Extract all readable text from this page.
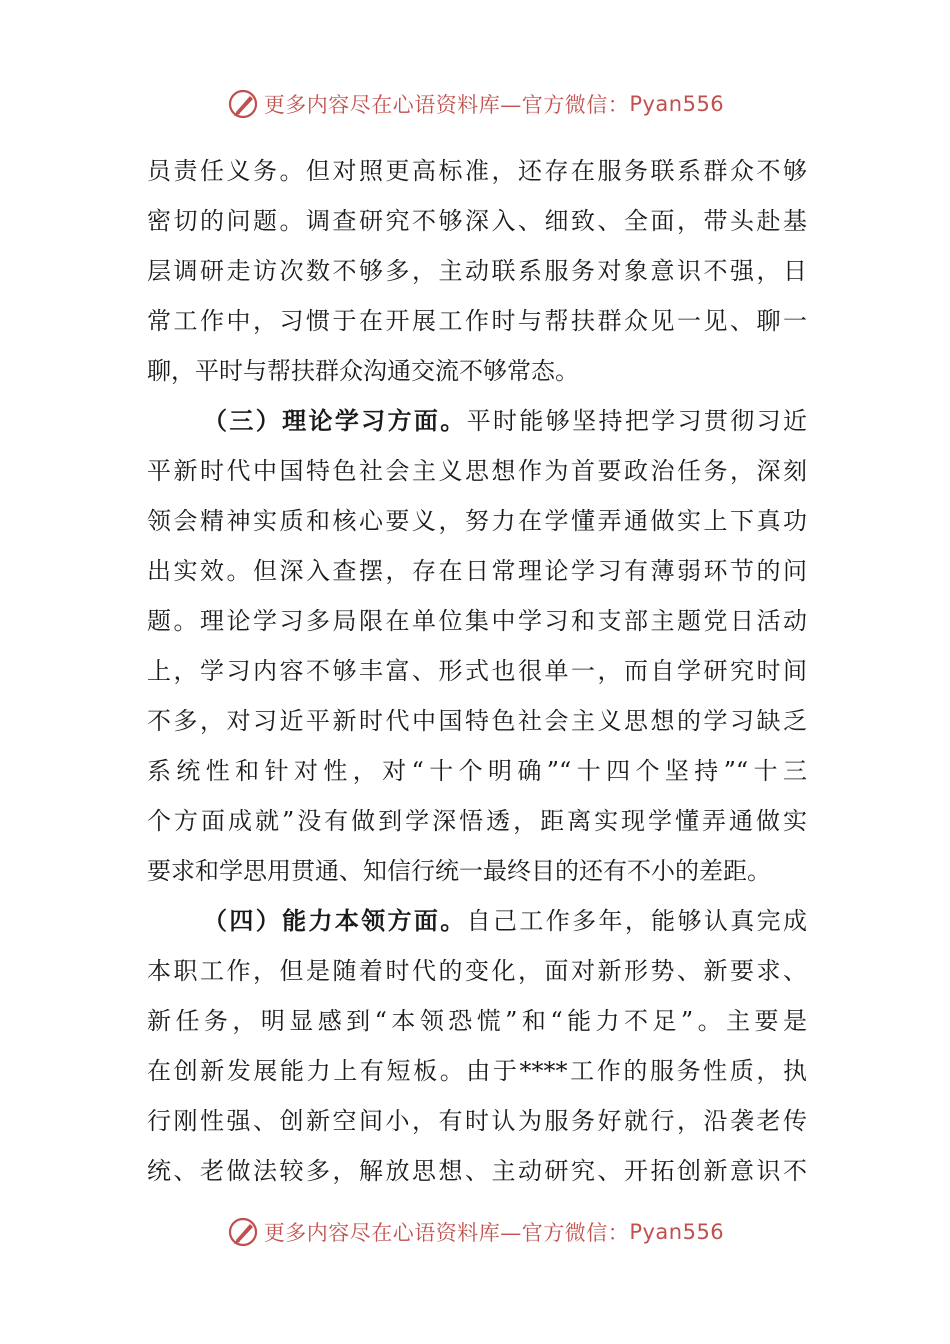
更多内容尽在心语资料库—官方微信： Pyan556
员责任义务。但对照更高标准，还存在服务联系群众不够
密切的问题。调查研究不够深入、细致、全面，带头赴基
层调研走访次数不够多，主动联系服务对象意识不强，日
常工作中，习惯于在开展工作时与帮扶群众见一见、聊一
聊，平时与帮扶群众沟通交流不够常态。
（三）理论学习方面。平时能够坚持把学习贯彻习近
平新时代中国特色社会主义思想作为首要政治任务，深刻
领会精神实质和核心要义，努力在学懂弄通做实上下真功
出实效。但深入查摆，存在日常理论学习有薄弱环节的问
题。理论学习多局限在单位集中学习和支部主题党日活动
上，学习内容不够丰富、形式也很单一，而自学研究时间
不多，对习近平新时代中国特色社会主义思想的学习缺乏
系统性和针对性，对“十个明确”“十四个坚持”“十三
个方面成就”没有做到学深悟透，距离实现学懂弄通做实
要求和学思用贯通、知信行统一最终目的还有不小的差距。
（四）能力本领方面。自己工作多年，能够认真完成
本职工作，但是随着时代的变化，面对新形势、新要求、
新任务，明显感到“本领恐慌”和“能力不足”。主要是
在创新发展能力上有短板。由于****工作的服务性质，执
行刚性强、创新空间小，有时认为服务好就行，沿袭老传
统、老做法较多，解放思想、主动研究、开拓创新意识不
更多内容尽在心语资料库—官方微信： Pyan556
